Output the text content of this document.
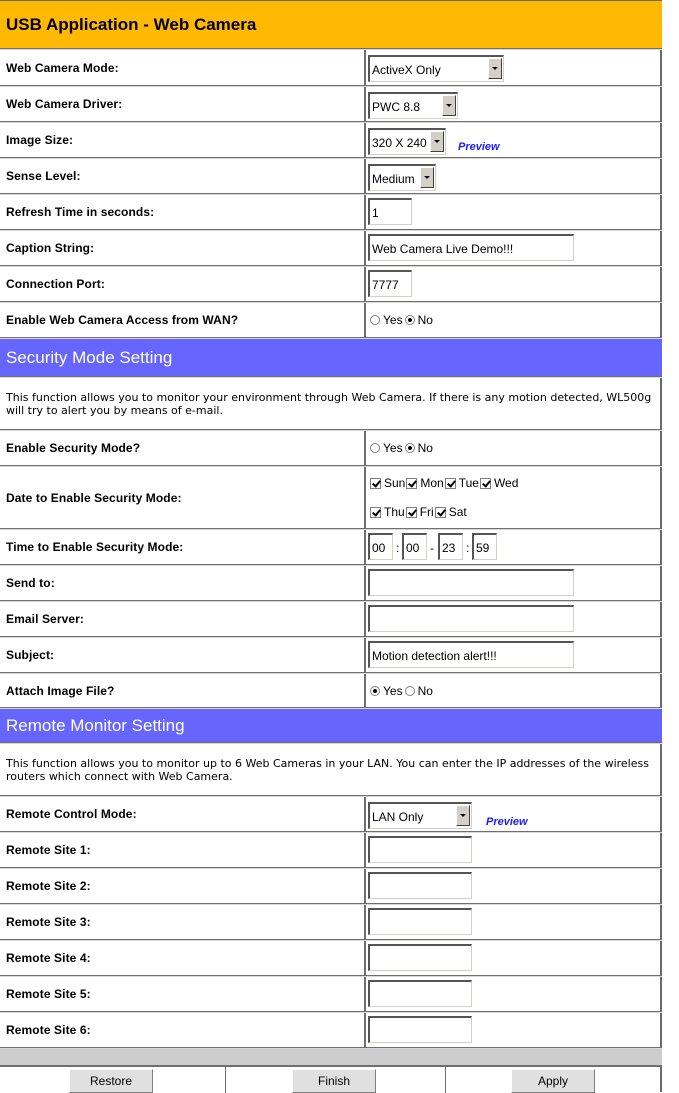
USB Application - Web Camera
Web Camera Mode:	ActiveX Only
Web Camera Driver:	PWC 8.8
Image Size:	320 X 240	Preview
Sense Level:	Medium
Refresh Time in seconds:	1
Caption String:	Web Camera Live Demo!!!
Connection Port:	7777
Enable Web Camera Access from WAN?	Yes No
Security Mode Setting
This function allows you to monitor your environment through Web Camera. If there is any motion detected, WL500g will try to alert you by means of e-mail.
Enable Security Mode?	Yes No
Date to Enable Security Mode:
Sun Mon Tue Wed
Thu Fri Sat
Time to Enable Security Mode:	00 : 00 - 23 : 59
Send to:
Email Server:
Subject:	Motion detection alert!!!
Attach Image File?	Yes No
Remote Monitor Setting
This function allows you to monitor up to 6 Web Cameras in your LAN. You can enter the IP addresses of the wireless routers which connect with Web Camera.
Remote Control Mode:	LAN Only	Preview
Remote Site 1:
Remote Site 2:
Remote Site 3:
Remote Site 4:
Remote Site 5:
Remote Site 6:
Restore	Finish	Apply
